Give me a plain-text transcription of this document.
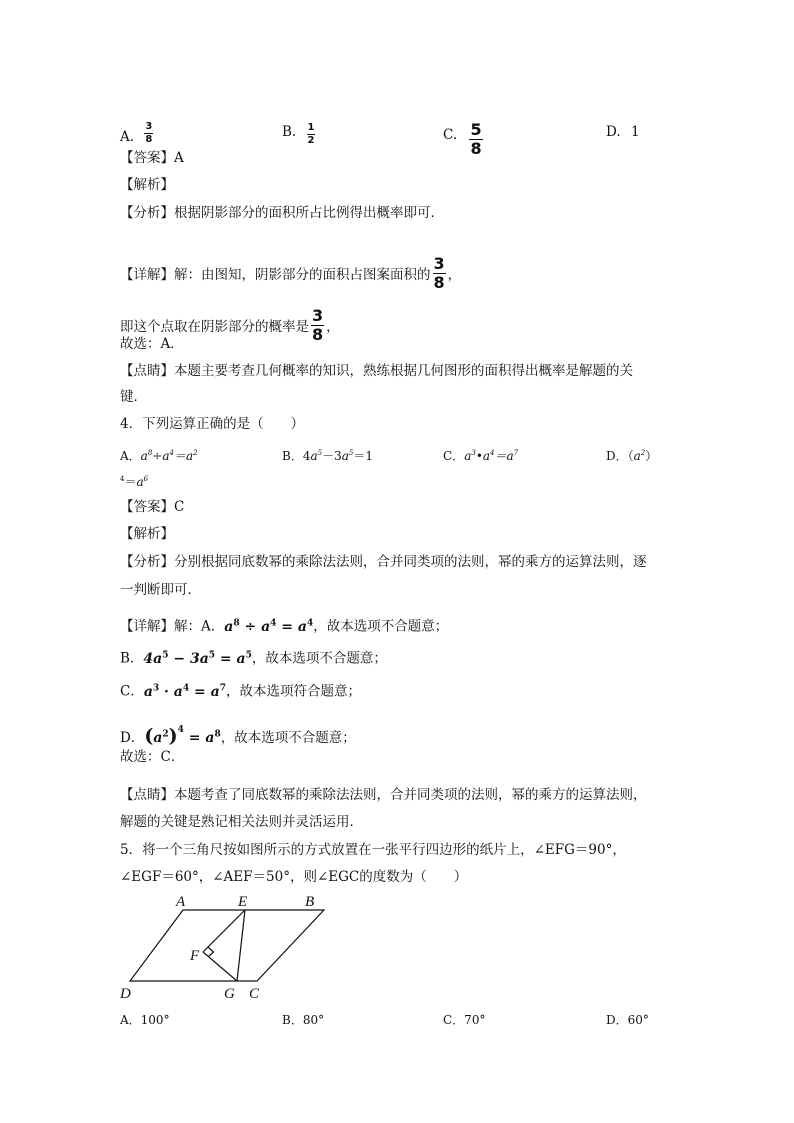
A. $\frac{3}{8}$	B. $\frac{1}{2}$	C. $\frac{5}{8}$	D. 1
【答案】A
【解析】
【分析】根据阴影部分的面积所占比例得出概率即可．
【详解】解：由图知，阴影部分的面积占图案面积的 $\frac{3}{8}$ ，
即这个点取在阴影部分的概率是 $\frac{3}{8}$ ，
故选：A．
【点睛】本题主要考查几何概率的知识，熟练根据几何图形的面积得出概率是解题的关
键．
4．下列运算正确的是（　　）
A．$a^8\div a^4=a^2$	B．$4a^5-3a^5=1$	C．$a^3•a^4=a^7$	D．$(a^2)$
$^4=a^6$
【答案】C
【解析】
【分析】分别根据同底数幂的乘除法法则，合并同类项的法则，幂的乘方的运算法则，逐
一判断即可．
【详解】解：A．$a^8 \div a^4 = a^4$，故本选项不合题意；
B．$4a^5 - 3a^5 = a^5$，故本选项不合题意；
C．$a^3 \cdot a^4 = a^7$，故本选项符合题意；
D．$(a^2)^4 = a^8$，故本选项不合题意；
故选：C．
【点睛】本题考查了同底数幂的乘除法法则，合并同类项的法则，幂的乘方的运算法则，
解题的关键是熟记相关法则并灵活运用．
5．将一个三角尺按如图所示的方式放置在一张平行四边形的纸片上，∠EFG＝90°，
∠EGF＝60°，∠AEF＝50°，则∠EGC的度数为（　　）
A	E	B
F
D	G C
A．100°	B．80°	C．70°	D．60°
